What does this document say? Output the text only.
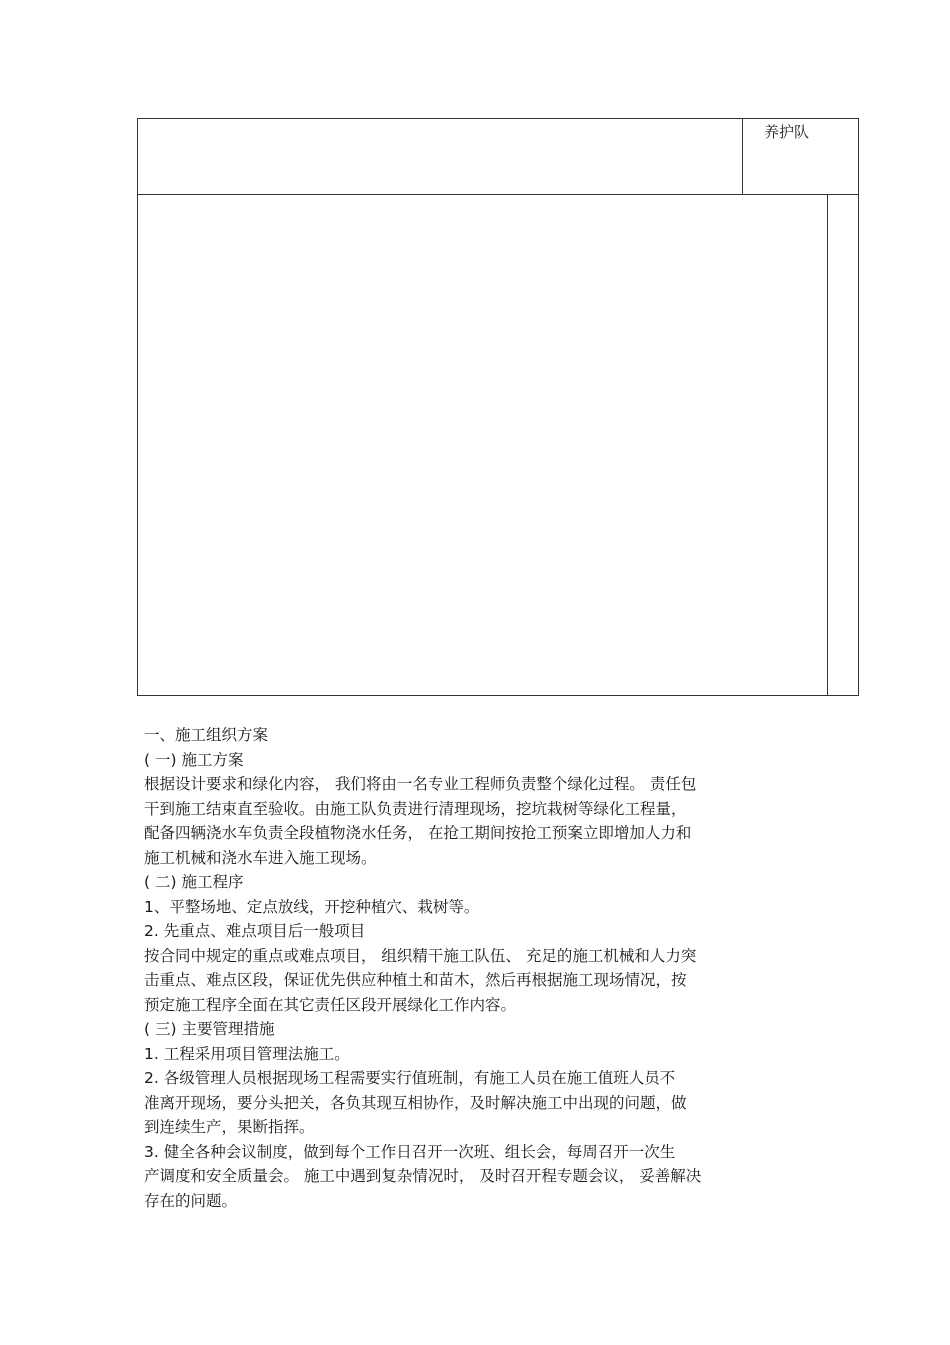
养护队
一、施工组织方案
( 一) 施工方案
根据设计要求和绿化内容， 我们将由一名专业工程师负责整个绿化过程。 责任包
干到施工结束直至验收。由施工队负责进行清理现场，挖坑栽树等绿化工程量，
配备四辆浇水车负责全段植物浇水任务， 在抢工期间按抢工预案立即增加人力和
施工机械和浇水车进入施工现场。
( 二) 施工程序
1、平整场地、定点放线，开挖种植穴、栽树等。
2. 先重点、难点项目后一般项目
按合同中规定的重点或难点项目， 组织精干施工队伍、 充足的施工机械和人力突
击重点、难点区段，保证优先供应种植土和苗木，然后再根据施工现场情况，按
预定施工程序全面在其它责任区段开展绿化工作内容。
( 三) 主要管理措施
1. 工程采用项目管理法施工。
2. 各级管理人员根据现场工程需要实行值班制，有施工人员在施工值班人员不
准离开现场，要分头把关，各负其现互相协作，及时解决施工中出现的问题，做
到连续生产，果断指挥。
3. 健全各种会议制度，做到每个工作日召开一次班、组长会，每周召开一次生
产调度和安全质量会。 施工中遇到复杂情况时， 及时召开程专题会议， 妥善解决
存在的问题。
